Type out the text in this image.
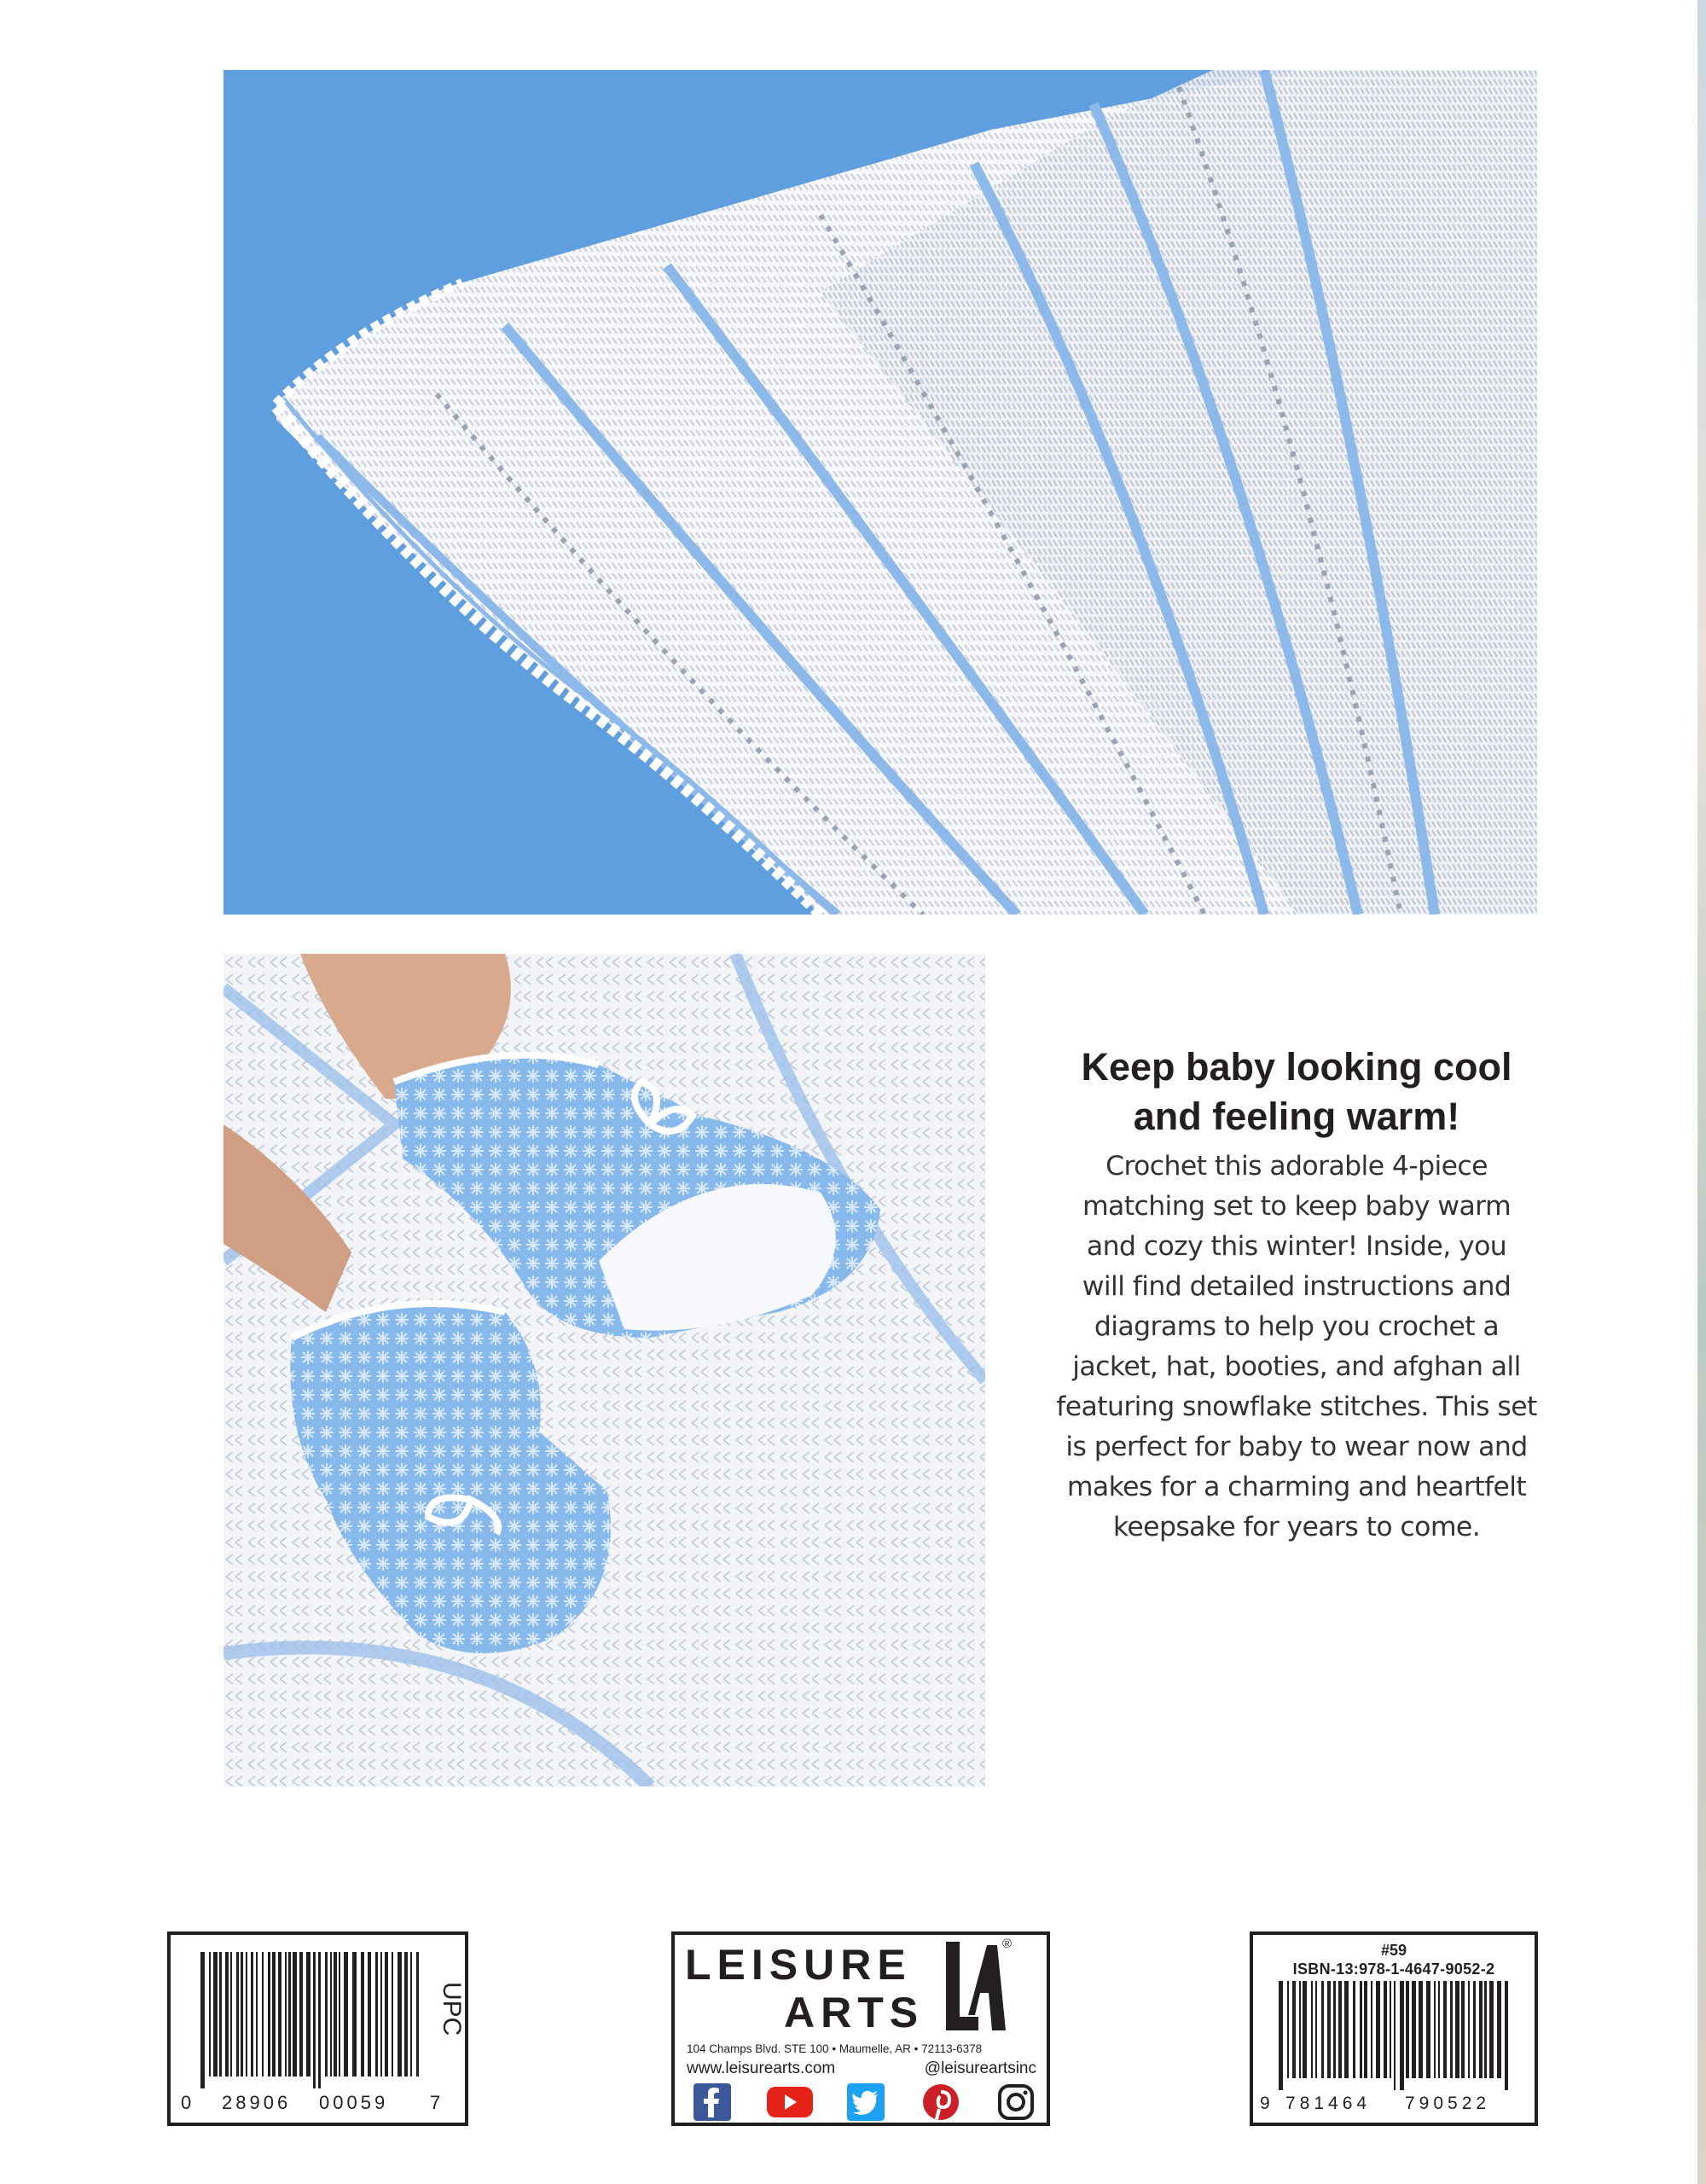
Keep baby looking cool
and feeling warm!

Crochet this adorable 4-piece
matching set to keep baby warm
and cozy this winter! Inside, you
will find detailed instructions and
diagrams to help you crochet a
jacket, hat, booties, and afghan all
featuring snowflake stitches. This set
is perfect for baby to wear now and
makes for a charming and heartfelt
keepsake for years to come.

UPC
0 28906 00059 7
LEISURE
ARTS
®
104 Champs Blvd. STE 100 • Maumelle, AR • 72113-6378
www.leisurearts.com	@leisureartsinc
#59
ISBN-13:978-1-4647-9052-2
9 781464 790522
